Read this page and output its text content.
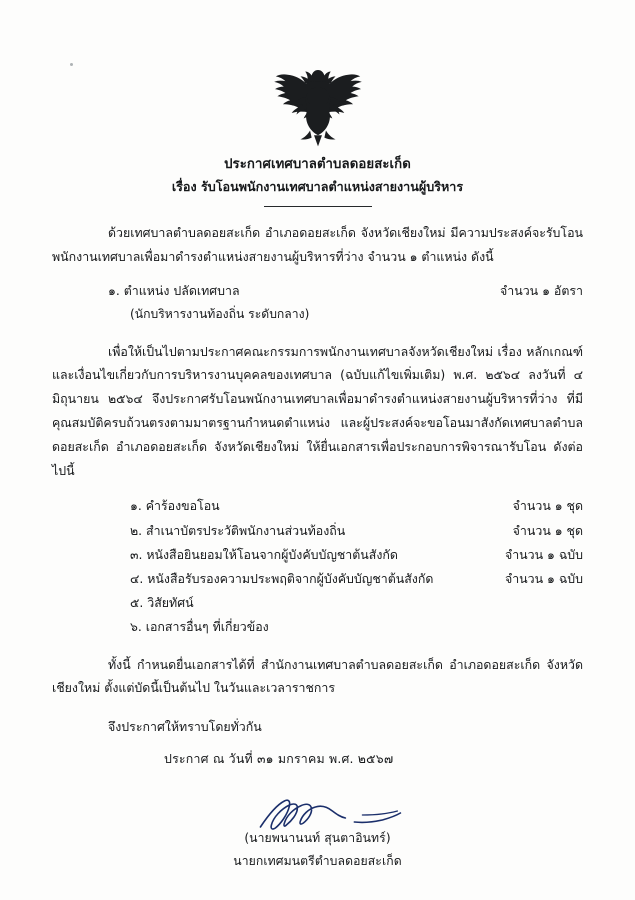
ประกาศเทศบาลตำบลดอยสะเก็ด
เรื่อง รับโอนพนักงานเทศบาลตำแหน่งสายงานผู้บริหาร
ด้วยเทศบาลตำบลดอยสะเก็ด อำเภอดอยสะเก็ด จังหวัดเชียงใหม่ มีความประสงค์จะรับโอนพนักงานเทศบาลเพื่อมาดำรงตำแหน่งสายงานผู้บริหารที่ว่าง จำนวน ๑ ตำแหน่ง ดังนี้
๑. ตำแหน่ง ปลัดเทศบาล	จำนวน ๑ อัตรา
(นักบริหารงานท้องถิ่น ระดับกลาง)
เพื่อให้เป็นไปตามประกาศคณะกรรมการพนักงานเทศบาลจังหวัดเชียงใหม่ เรื่อง หลักเกณฑ์และเงื่อนไขเกี่ยวกับการบริหารงานบุคคลของเทศบาล (ฉบับแก้ไขเพิ่มเติม) พ.ศ. ๒๕๖๔ ลงวันที่ ๔ มิถุนายน ๒๕๖๔ จึงประกาศรับโอนพนักงานเทศบาลเพื่อมาดำรงตำแหน่งสายงานผู้บริหารที่ว่าง ที่มีคุณสมบัติครบถ้วนตรงตามมาตรฐานกำหนดตำแหน่ง และผู้ประสงค์จะขอโอนมาสังกัดเทศบาลตำบลดอยสะเก็ด อำเภอดอยสะเก็ด จังหวัดเชียงใหม่ ให้ยื่นเอกสารเพื่อประกอบการพิจารณารับโอน ดังต่อไปนี้
๑. คำร้องขอโอน	จำนวน ๑ ชุด
๒. สำเนาบัตรประวัติพนักงานส่วนท้องถิ่น	จำนวน ๑ ชุด
๓. หนังสือยินยอมให้โอนจากผู้บังคับบัญชาต้นสังกัด	จำนวน ๑ ฉบับ
๔. หนังสือรับรองความประพฤติจากผู้บังคับบัญชาต้นสังกัด	จำนวน ๑ ฉบับ
๕. วิสัยทัศน์
๖. เอกสารอื่นๆ ที่เกี่ยวข้อง
ทั้งนี้ กำหนดยื่นเอกสารได้ที่ สำนักงานเทศบาลตำบลดอยสะเก็ด อำเภอดอยสะเก็ด จังหวัดเชียงใหม่ ตั้งแต่บัดนี้เป็นต้นไป ในวันและเวลาราชการ
จึงประกาศให้ทราบโดยทั่วกัน
ประกาศ ณ วันที่ ๓๑ มกราคม พ.ศ. ๒๕๖๗
(นายพนานนท์ สุนตาอินทร์)
นายกเทศมนตรีตำบลดอยสะเก็ด
